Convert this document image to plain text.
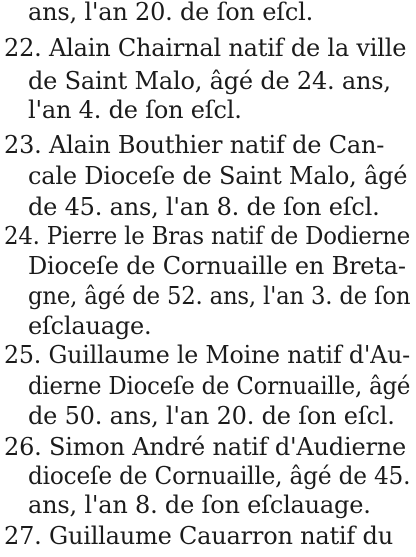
ans, l'an 20. de ſon eſcl.
22. Alain Chairnal natif de la ville
de Saint Malo, âgé de 24. ans,
l'an 4. de ſon eſcl.
23. Alain Bouthier natif de Can-
cale Dioceſe de Saint Malo, âgé
de 45. ans, l'an 8. de ſon eſcl.
24. Pierre le Bras natif de Dodierne
Dioceſe de Cornuaille en Breta-
gne, âgé de 52. ans, l'an 3. de ſon
eſclauage.
25. Guillaume le Moine natif d'Au-
dierne Dioceſe de Cornuaille, âgé
de 50. ans, l'an 20. de ſon eſcl.
26. Simon André natif d'Audierne
dioceſe de Cornuaille, âgé de 45.
ans, l'an 8. de ſon eſclauage.
27. Guillaume Cauarron natif du
